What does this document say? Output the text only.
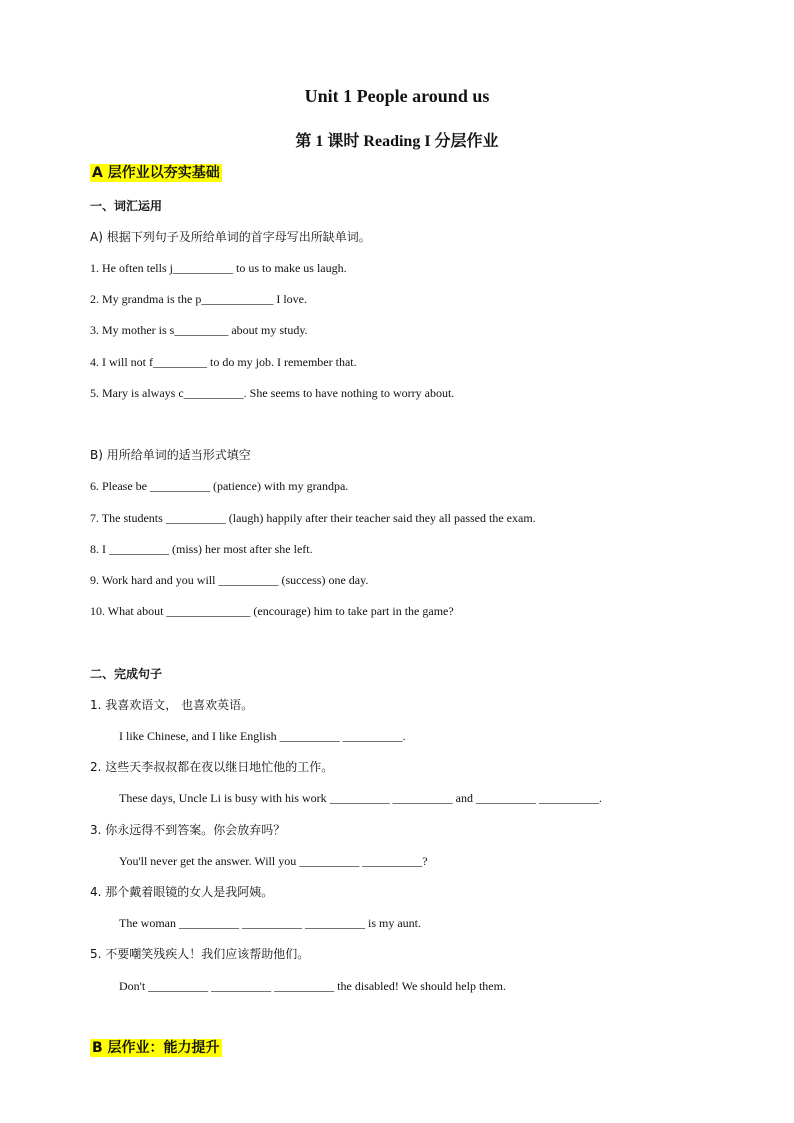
Unit 1 People around us
第 1 课时 Reading I 分层作业
A 层作业以夯实基础
一、词汇运用
A) 根据下列句子及所给单词的首字母写出所缺单词。
1. He often tells j__________ to us to make us laugh.
2. My grandma is the p____________ I love.
3. My mother is s_________ about my study.
4. I will not f_________ to do my job. I remember that.
5. Mary is always c__________. She seems to have nothing to worry about.
B) 用所给单词的适当形式填空
6. Please be __________ (patience) with my grandpa.
7. The students __________ (laugh) happily after their teacher said they all passed the exam.
8. I __________ (miss) her most after she left.
9. Work hard and you will __________ (success) one day.
10. What about ______________ (encourage) him to take part in the game?
二、完成句子
1. 我喜欢语文， 也喜欢英语。
I like Chinese, and I like English __________ __________.
2. 这些天李叔叔都在夜以继日地忙他的工作。
These days, Uncle Li is busy with his work __________ __________ and __________ __________.
3. 你永远得不到答案。你会放弃吗？
You'll never get the answer. Will you __________ __________?
4. 那个戴着眼镜的女人是我阿姨。
The woman __________ __________ __________ is my aunt.
5. 不要嘲笑残疾人！我们应该帮助他们。
Don't __________ __________ __________ the disabled! We should help them.
B 层作业：能力提升
